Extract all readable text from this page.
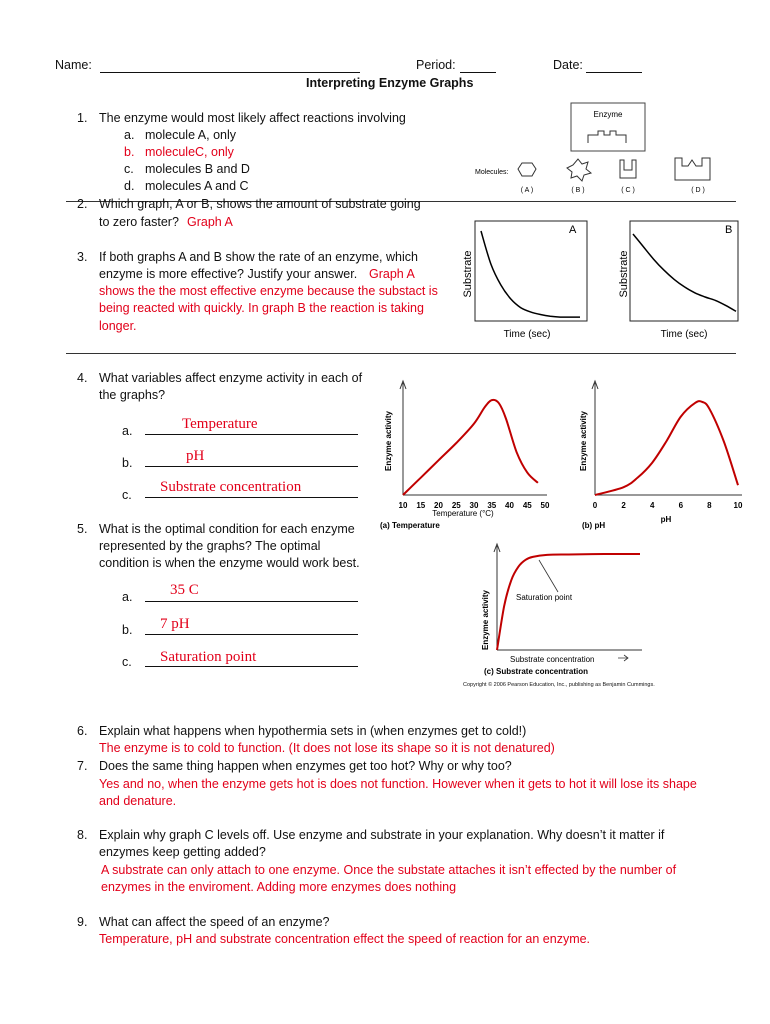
Name:	Period:	Date:
Interpreting Enzyme Graphs
1. The enzyme would most likely affect reactions involving
a. molecule A, only
b. moleculeC, only
c. molecules B and D
d. molecules A and C
Enzyme
Molecules:
( A )	( B )	( C )	( D )
2. Which graph, A or B, shows the amount of substrate going
to zero faster? Graph A
3. If both graphs A and B show the rate of an enzyme, which
enzyme is more effective? Justify your answer. Graph A
shows the the most effective enzyme because the substact is
being reacted with quickly. In graph B the reaction is taking
longer.
A
Substrate
Time (sec)
B
Substrate
Time (sec)
4. What variables affect enzyme activity in each of
the graphs?
a.	Temperature
b.	pH
c. Substrate concentration
Enzyme activity
10 15 20 25 30 35 40 45 50
Temperature (°C)
(a) Temperature
Enzyme activity
0	2	4	6	8	10
pH
(b) pH
5. What is the optimal condition for each enzyme
represented by the graphs? The optimal
condition is when the enzyme would work best.
a.	35 C
b. 7 pH
c. Saturation point
Enzyme activity
Substrate concentration
(c) Substrate concentration
Saturation point
Copyright © 2006 Pearson Education, Inc., publishing as Benjamin Cummings.
6. Explain what happens when hypothermia sets in (when enzymes get to cold!)
The enzyme is to cold to function. (It does not lose its shape so it is not denatured)
7. Does the same thing happen when enzymes get too hot? Why or why too?
Yes and no, when the enzyme gets hot is does not function. However when it gets to hot it will lose its shape
and denature.
8. Explain why graph C levels off. Use enzyme and substrate in your explanation. Why doesn’t it matter if
enzymes keep getting added?
A substrate can only attach to one enzyme. Once the substate attaches it isn’t effected by the number of
enzymes in the enviroment. Adding more enzymes does nothing
9. What can affect the speed of an enzyme?
Temperature, pH and substrate concentration effect the speed of reaction for an enzyme.
